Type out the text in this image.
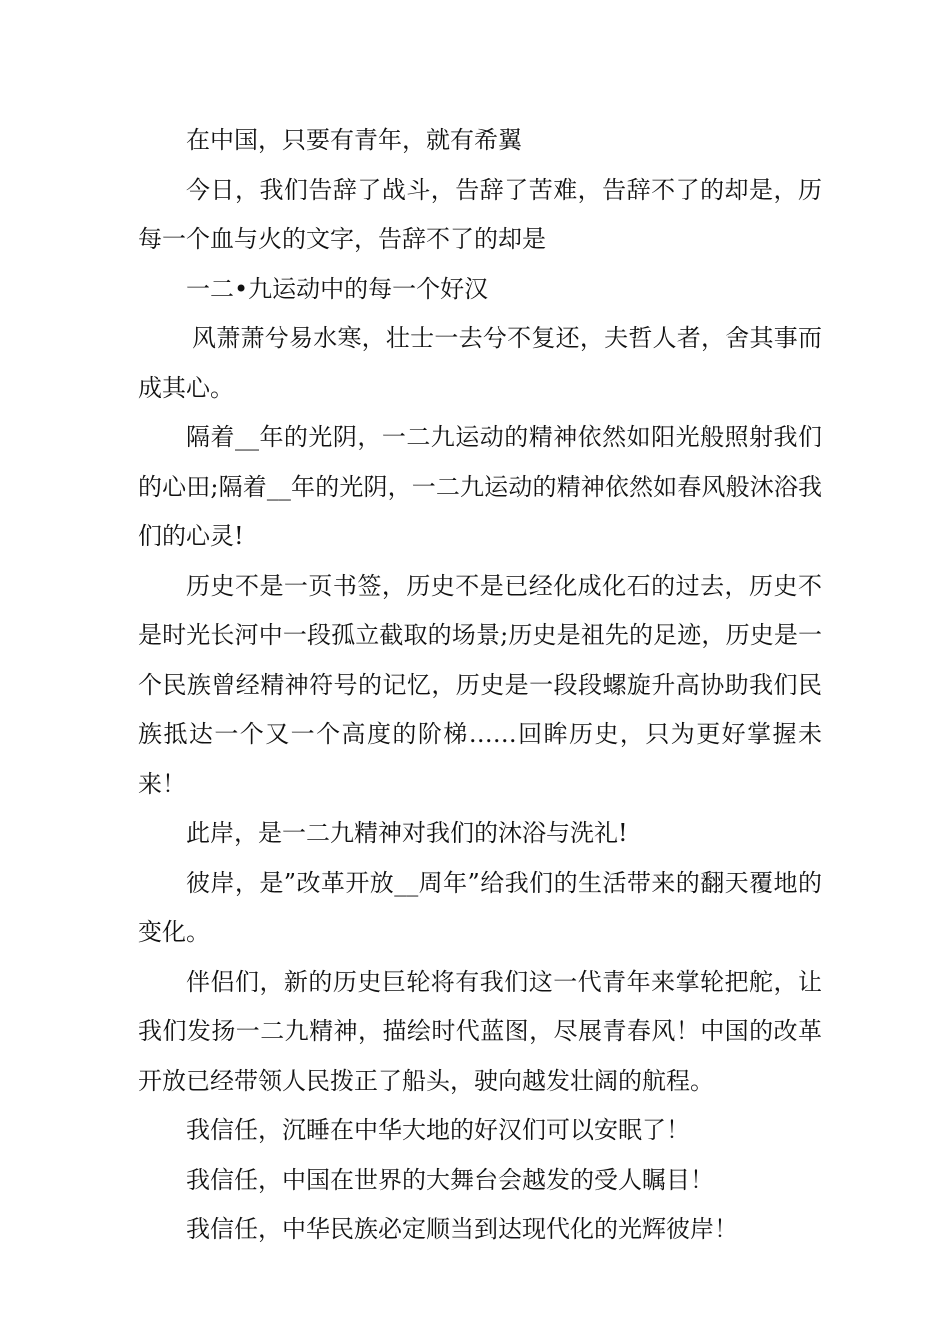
在中国，只要有青年，就有希翼

今日，我们告辞了战斗，告辞了苦难，告辞不了的却是，历每一个血与火的文字，告辞不了的却是

一二•九运动中的每一个好汉

风萧萧兮易水寒，壮士一去兮不复还，夫哲人者，舍其事而成其心。

隔着__年的光阴，一二九运动的精神依然如阳光般照射我们的心田;隔着__年的光阴，一二九运动的精神依然如春风般沐浴我们的心灵!

历史不是一页书签，历史不是已经化成化石的过去，历史不是时光长河中一段孤立截取的场景;历史是祖先的足迹，历史是一个民族曾经精神符号的记忆，历史是一段段螺旋升高协助我们民族抵达一个又一个高度的阶梯……回眸历史，只为更好掌握未来！

此岸，是一二九精神对我们的沐浴与洗礼!

彼岸，是”改革开放__周年”给我们的生活带来的翻天覆地的变化。

伴侣们，新的历史巨轮将有我们这一代青年来掌轮把舵，让我们发扬一二九精神，描绘时代蓝图，尽展青春风！中国的改革开放已经带领人民拨正了船头，驶向越发壮阔的航程。

我信任，沉睡在中华大地的好汉们可以安眠了！

我信任，中国在世界的大舞台会越发的受人瞩目！

我信任，中华民族必定顺当到达现代化的光辉彼岸！
